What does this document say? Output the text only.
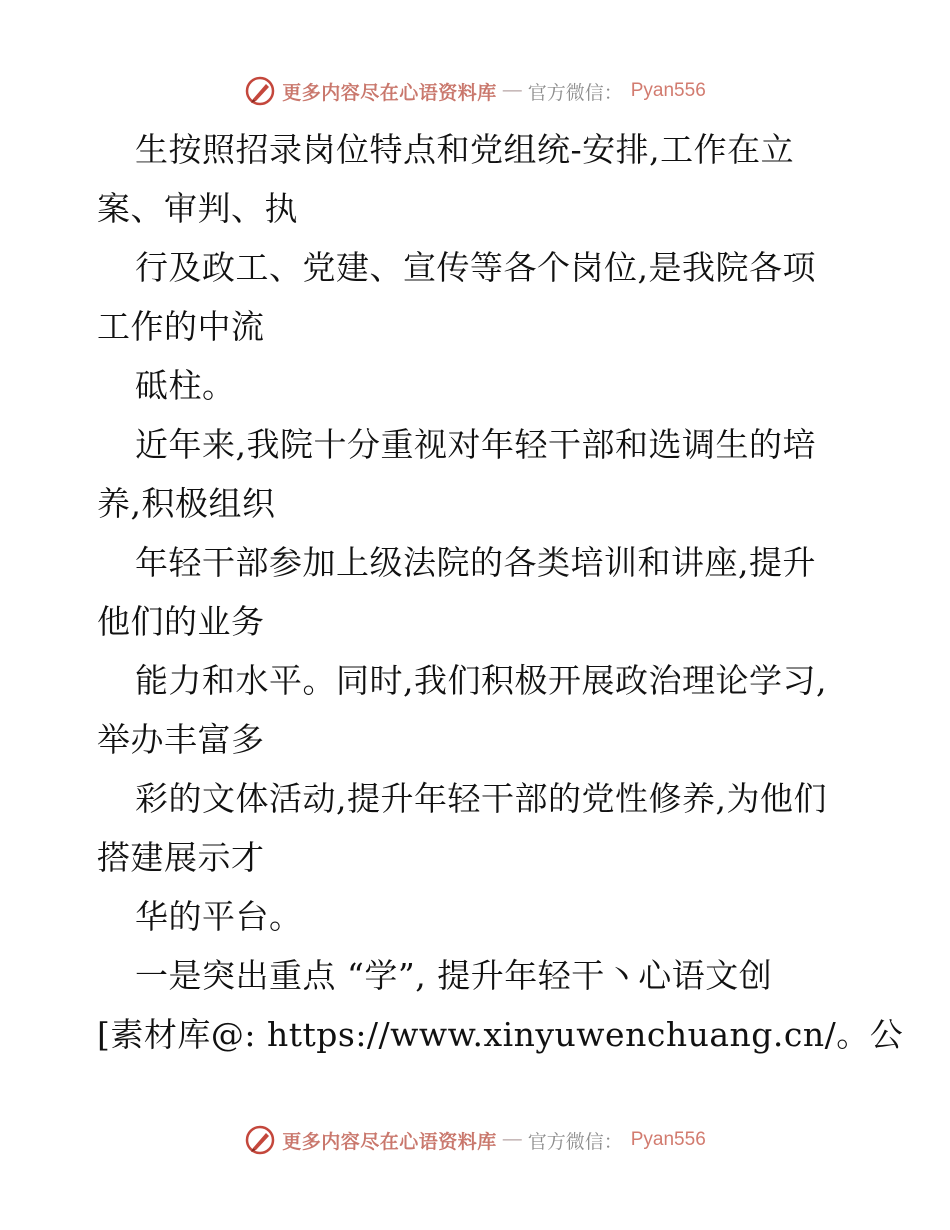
更多内容尽在心语资料库 — 官方微信： Pyan556
生按照招录岗位特点和党组统-安排,工作在立
案、审判、执
行及政工、党建、宣传等各个岗位,是我院各项
工作的中流
砥柱。
近年来,我院十分重视对年轻干部和选调生的培
养,积极组织
年轻干部参加上级法院的各类培训和讲座,提升
他们的业务
能力和水平。同时,我们积极开展政治理论学习,
举办丰富多
彩的文体活动,提升年轻干部的党性修养,为他们
搭建展示才
华的平台。
一是突出重点 “学”, 提升年轻干丶心语文创
[素材库@: https://www.xinyuwenchuang.cn/。公
更多内容尽在心语资料库 — 官方微信： Pyan556
